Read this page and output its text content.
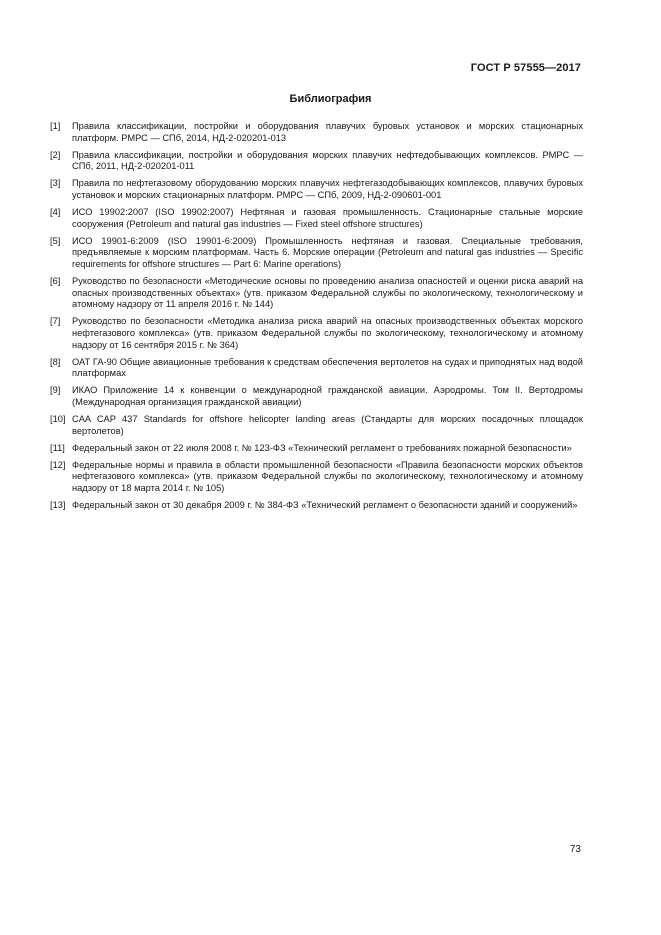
ГОСТ Р 57555—2017
Библиография
[1]	Правила классификации, постройки и оборудования плавучих буровых установок и морских стационарных платформ. РМРС — СПб, 2014, НД-2-020201-013
[2]	Правила классификации, постройки и оборудования морских плавучих нефтедобывающих комплексов. РМРС — СПб, 2011, НД-2-020201-011
[3]	Правила по нефтегазовому оборудованию морских плавучих нефтегазодобывающих комплексов, плавучих буровых установок и морских стационарных платформ. РМРС — СПб, 2009, НД-2-090601-001
[4]	ИСО 19902:2007 (ISO 19902:2007) Нефтяная и газовая промышленность. Стационарные стальные морские сооружения (Petroleum and natural gas industries — Fixed steel offshore structures)
[5]	ИСО 19901-6:2009 (ISO 19901-6:2009) Промышленность нефтяная и газовая. Специальные требования, предъявляемые к морским платформам. Часть 6. Морские операции (Petroleum and natural gas industries — Specific requirements for offshore structures — Part 6: Marine operations)
[6]	Руководство по безопасности «Методические основы по проведению анализа опасностей и оценки риска аварий на опасных производственных объектах» (утв. приказом Федеральной службы по экологическому, технологическому и атомному надзору от 11 апреля 2016 г. № 144)
[7]	Руководство по безопасности «Методика анализа риска аварий на опасных производственных объектах морского нефтегазового комплекса» (утв. приказом Федеральной службы по экологическому, технологическому и атомному надзору от 16 сентября 2015 г. № 364)
[8]	ОАТ ГА-90 Общие авиационные требования к средствам обеспечения вертолетов на судах и приподнятых над водой платформах
[9]	ИКАО Приложение 14 к конвенции о международной гражданской авиации. Аэродромы. Том II. Вертодромы (Международная организация гражданской авиации)
[10] CAA CAP 437 Standards for offshore helicopter landing areas (Стандарты для морских посадочных площадок вертолетов)
[11] Федеральный закон от 22 июля 2008 г. № 123-ФЗ «Технический регламент о требованиях пожарной безопасности»
[12] Федеральные нормы и правила в области промышленной безопасности «Правила безопасности морских объектов нефтегазового комплекса» (утв. приказом Федеральной службы по экологическому, технологическому и атомному надзору от 18 марта 2014 г. № 105)
[13] Федеральный закон от 30 декабря 2009 г. № 384-ФЗ «Технический регламент о безопасности зданий и сооружений»
73
